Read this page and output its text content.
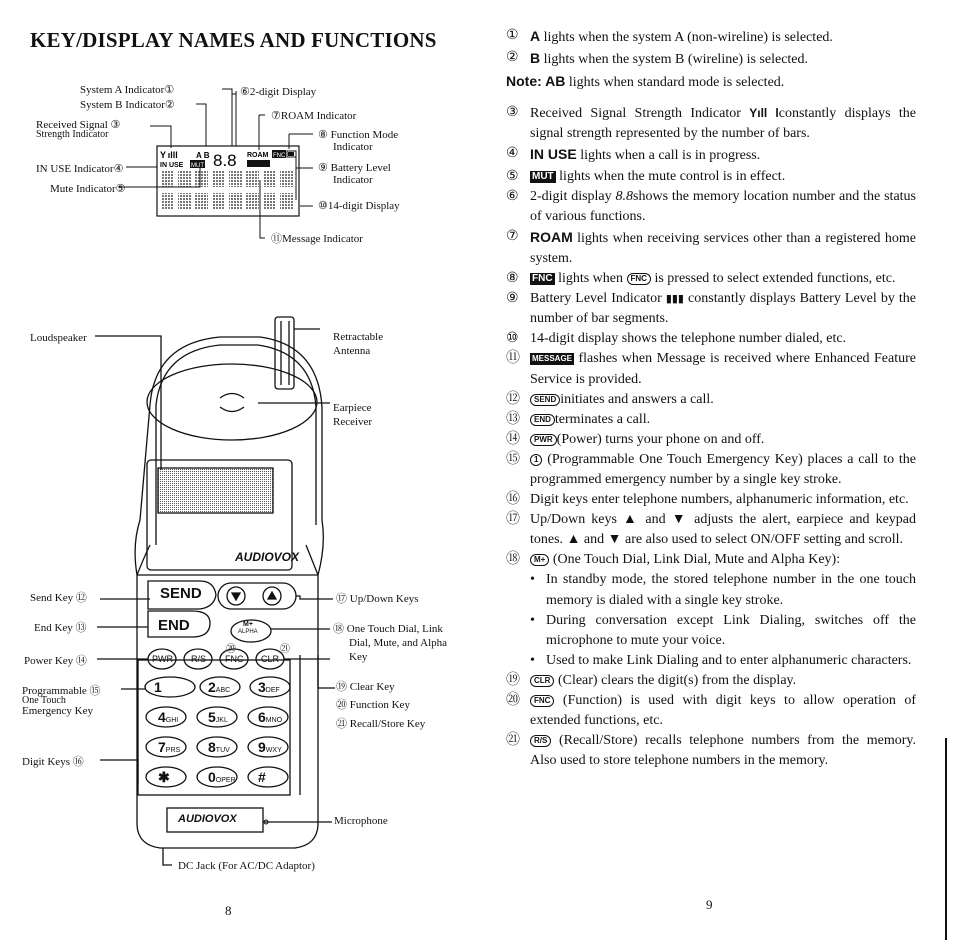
KEY/DISPLAY NAMES AND FUNCTIONS
System A Indicator①
System B Indicator②
Received Signal ③
Strength Indicator
IN USE Indicator④
Mute Indicator⑤
⑥2-digit Display
⑦ROAM Indicator
⑧ Function Mode
Indicator
⑨ Battery Level
Indicator
⑩14-digit Display
⑪Message Indicator
Y​ ılll A B 8.8 ROAM FNC
IN USE MUT
AUDIOVOX
AUDIOVOX
SEND
END	M+
ALPHA
PWR R/S FNC CLR
⑳	㉑
1	2ABC 3DEF
4GHI 5JKL 6MNO
7PRS 8TUV 9WXY
✱	0OPER #
Loudspeaker	Retractable
Antenna
Earpiece
Receiver
Send Key ⑫
End Key ⑬
Power Key ⑭
Programmable ⑮
One Touch
Emergency Key
Digit Keys ⑯
⑰ Up/Down Keys
⑱ One Touch Dial, Link
Dial, Mute, and Alpha
Key
⑲ Clear Key
⑳ Function Key
㉑ Recall/Store Key
Microphone
DC Jack (For AC/DC Adaptor)
8
① A lights when the system A (non-wireline) is selected.
② B lights when the system B (wireline) is selected.
Note: AB lights when standard mode is selected.
③ Received Signal Strength Indicator Yıll lconstantly displays the signal strength represented by the number of bars.
④ IN USE lights when a call is in progress.
⑤ MUT lights when the mute control is in effect.
⑥ 2-digit display 8.8shows the memory location number and the status of various functions.
⑦ ROAM lights when receiving services other than a registered home system.
⑧ FNC lights when FNC is pressed to select extended functions, etc.
⑨ Battery Level Indicator ▮▮▮ constantly displays Battery Level by the number of bar segments.
⑩ 14-digit display shows the telephone number dialed, etc.
⑪ MESSAGE flashes when Message is received where Enhanced Feature Service is provided.
⑫ SEND initiates and answers a call.
⑬ END terminates a call.
⑭ PWR (Power) turns your phone on and off.
⑮ 1 (Programmable One Touch Emergency Key) places a call to the programmed emergency number by a single key stroke.
⑯ Digit keys enter telephone numbers, alphanumeric information, etc.
⑰ Up/Down keys ▲ and ▼ adjusts the alert, earpiece and keypad tones. ▲ and ▼ are also used to select ON/OFF setting and scroll.
⑱ M+ (One Touch Dial, Link Dial, Mute and Alpha Key):
• In standby mode, the stored telephone number in the one touch memory is dialed with a single key stroke.
• During conversation except Link Dialing, switches off the microphone to mute your voice.
• Used to make Link Dialing and to enter alphanumeric characters.
⑲ CLR (Clear) clears the digit(s) from the display.
⑳ FNC (Function) is used with digit keys to allow operation of extended functions, etc.
㉑ R/S (Recall/Store) recalls telephone numbers from the memory. Also used to store telephone numbers in the memory.
9
